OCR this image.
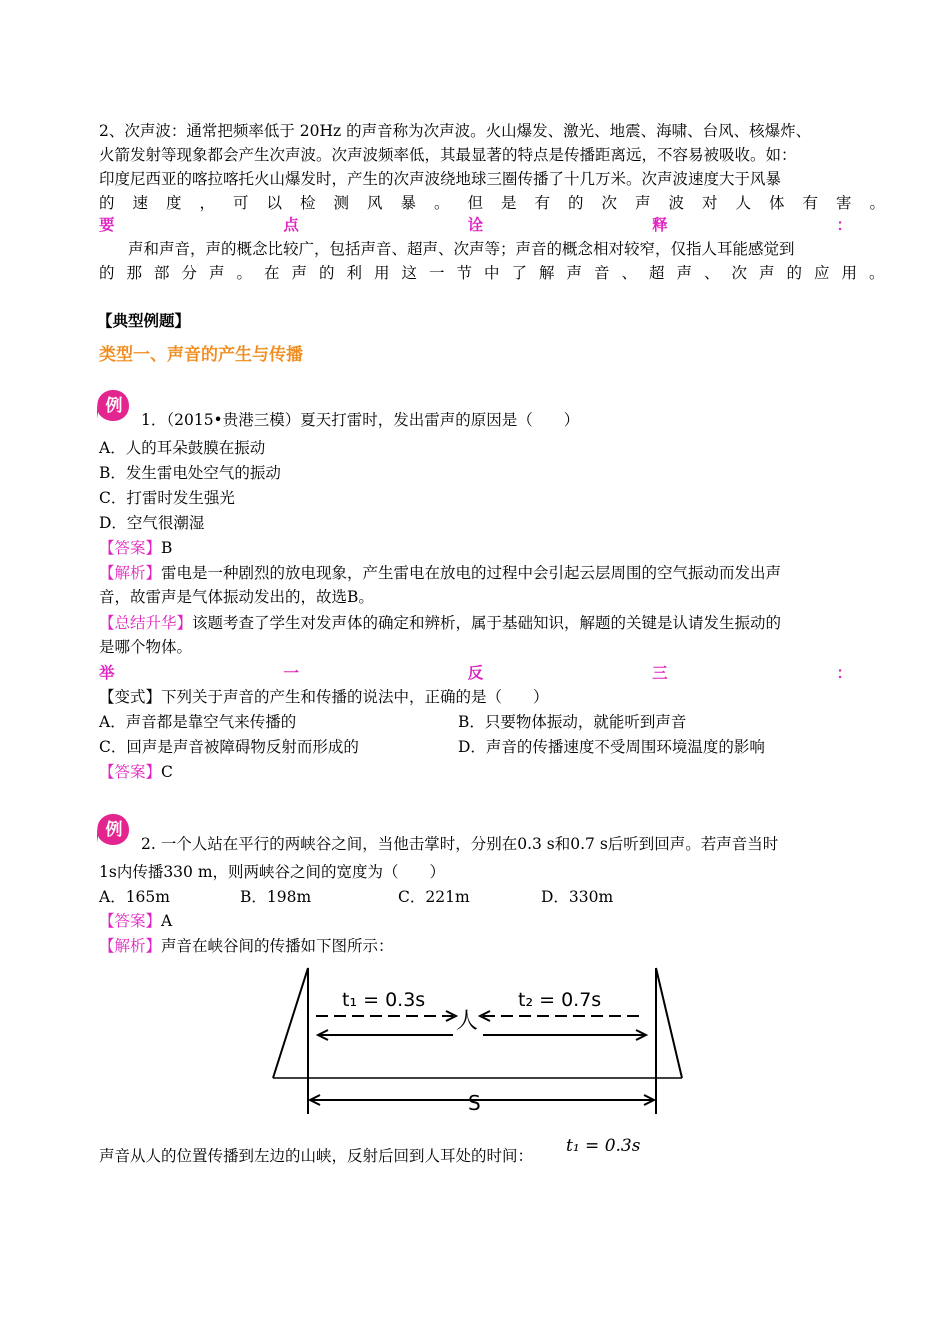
2、次声波：通常把频率低于 20Hz 的声音称为次声波。火山爆发、激光、地震、海啸、台风、核爆炸、
火箭发射等现象都会产生次声波。次声波频率低，其最显著的特点是传播距离远，不容易被吸收。如：
印度尼西亚的喀拉喀托火山爆发时，产生的次声波绕地球三圈传播了十几万米。次声波速度大于风暴
的速度，可以检测风暴。但是有的次声波对人体有害。
要点诠释：
声和声音，声的概念比较广，包括声音、超声、次声等；声音的概念相对较窄，仅指人耳能感觉到
的那部分声。在声的利用这一节中了解声音、超声、次声的应用。
【典型例题】
类型一、声音的产生与传播
例
1．（2015•贵港三模）夏天打雷时，发出雷声的原因是（　　）
A．人的耳朵鼓膜在振动
B．发生雷电处空气的振动
C．打雷时发生强光
D．空气很潮湿
【答案】B
【解析】雷电是一种剧烈的放电现象，产生雷电在放电的过程中会引起云层周围的空气振动而发出声
音，故雷声是气体振动发出的，故选B。
【总结升华】该题考查了学生对发声体的确定和辨析，属于基础知识，解题的关键是认请发生振动的
是哪个物体。
举一反三：
【变式】下列关于声音的产生和传播的说法中，正确的是（　　）
A．声音都是靠空气来传播的	B．只要物体振动，就能听到声音
C．回声是声音被障碍物反射而形成的	D．声音的传播速度不受周围环境温度的影响
【答案】C
例
2. 一个人站在平行的两峡谷之间，当他击掌时，分别在0.3 s和0.7 s后听到回声。若声音当时
1s内传播330 m，则两峡谷之间的宽度为（　　）
A．165m	B．198m	C．221m	D．330m
【答案】A
【解析】声音在峡谷间的传播如下图所示：
t₁ = 0.3s	t₂ = 0.7s
人
S
声音从人的位置传播到左边的山峡，反射后回到人耳处的时间：	t₁ = 0.3s
